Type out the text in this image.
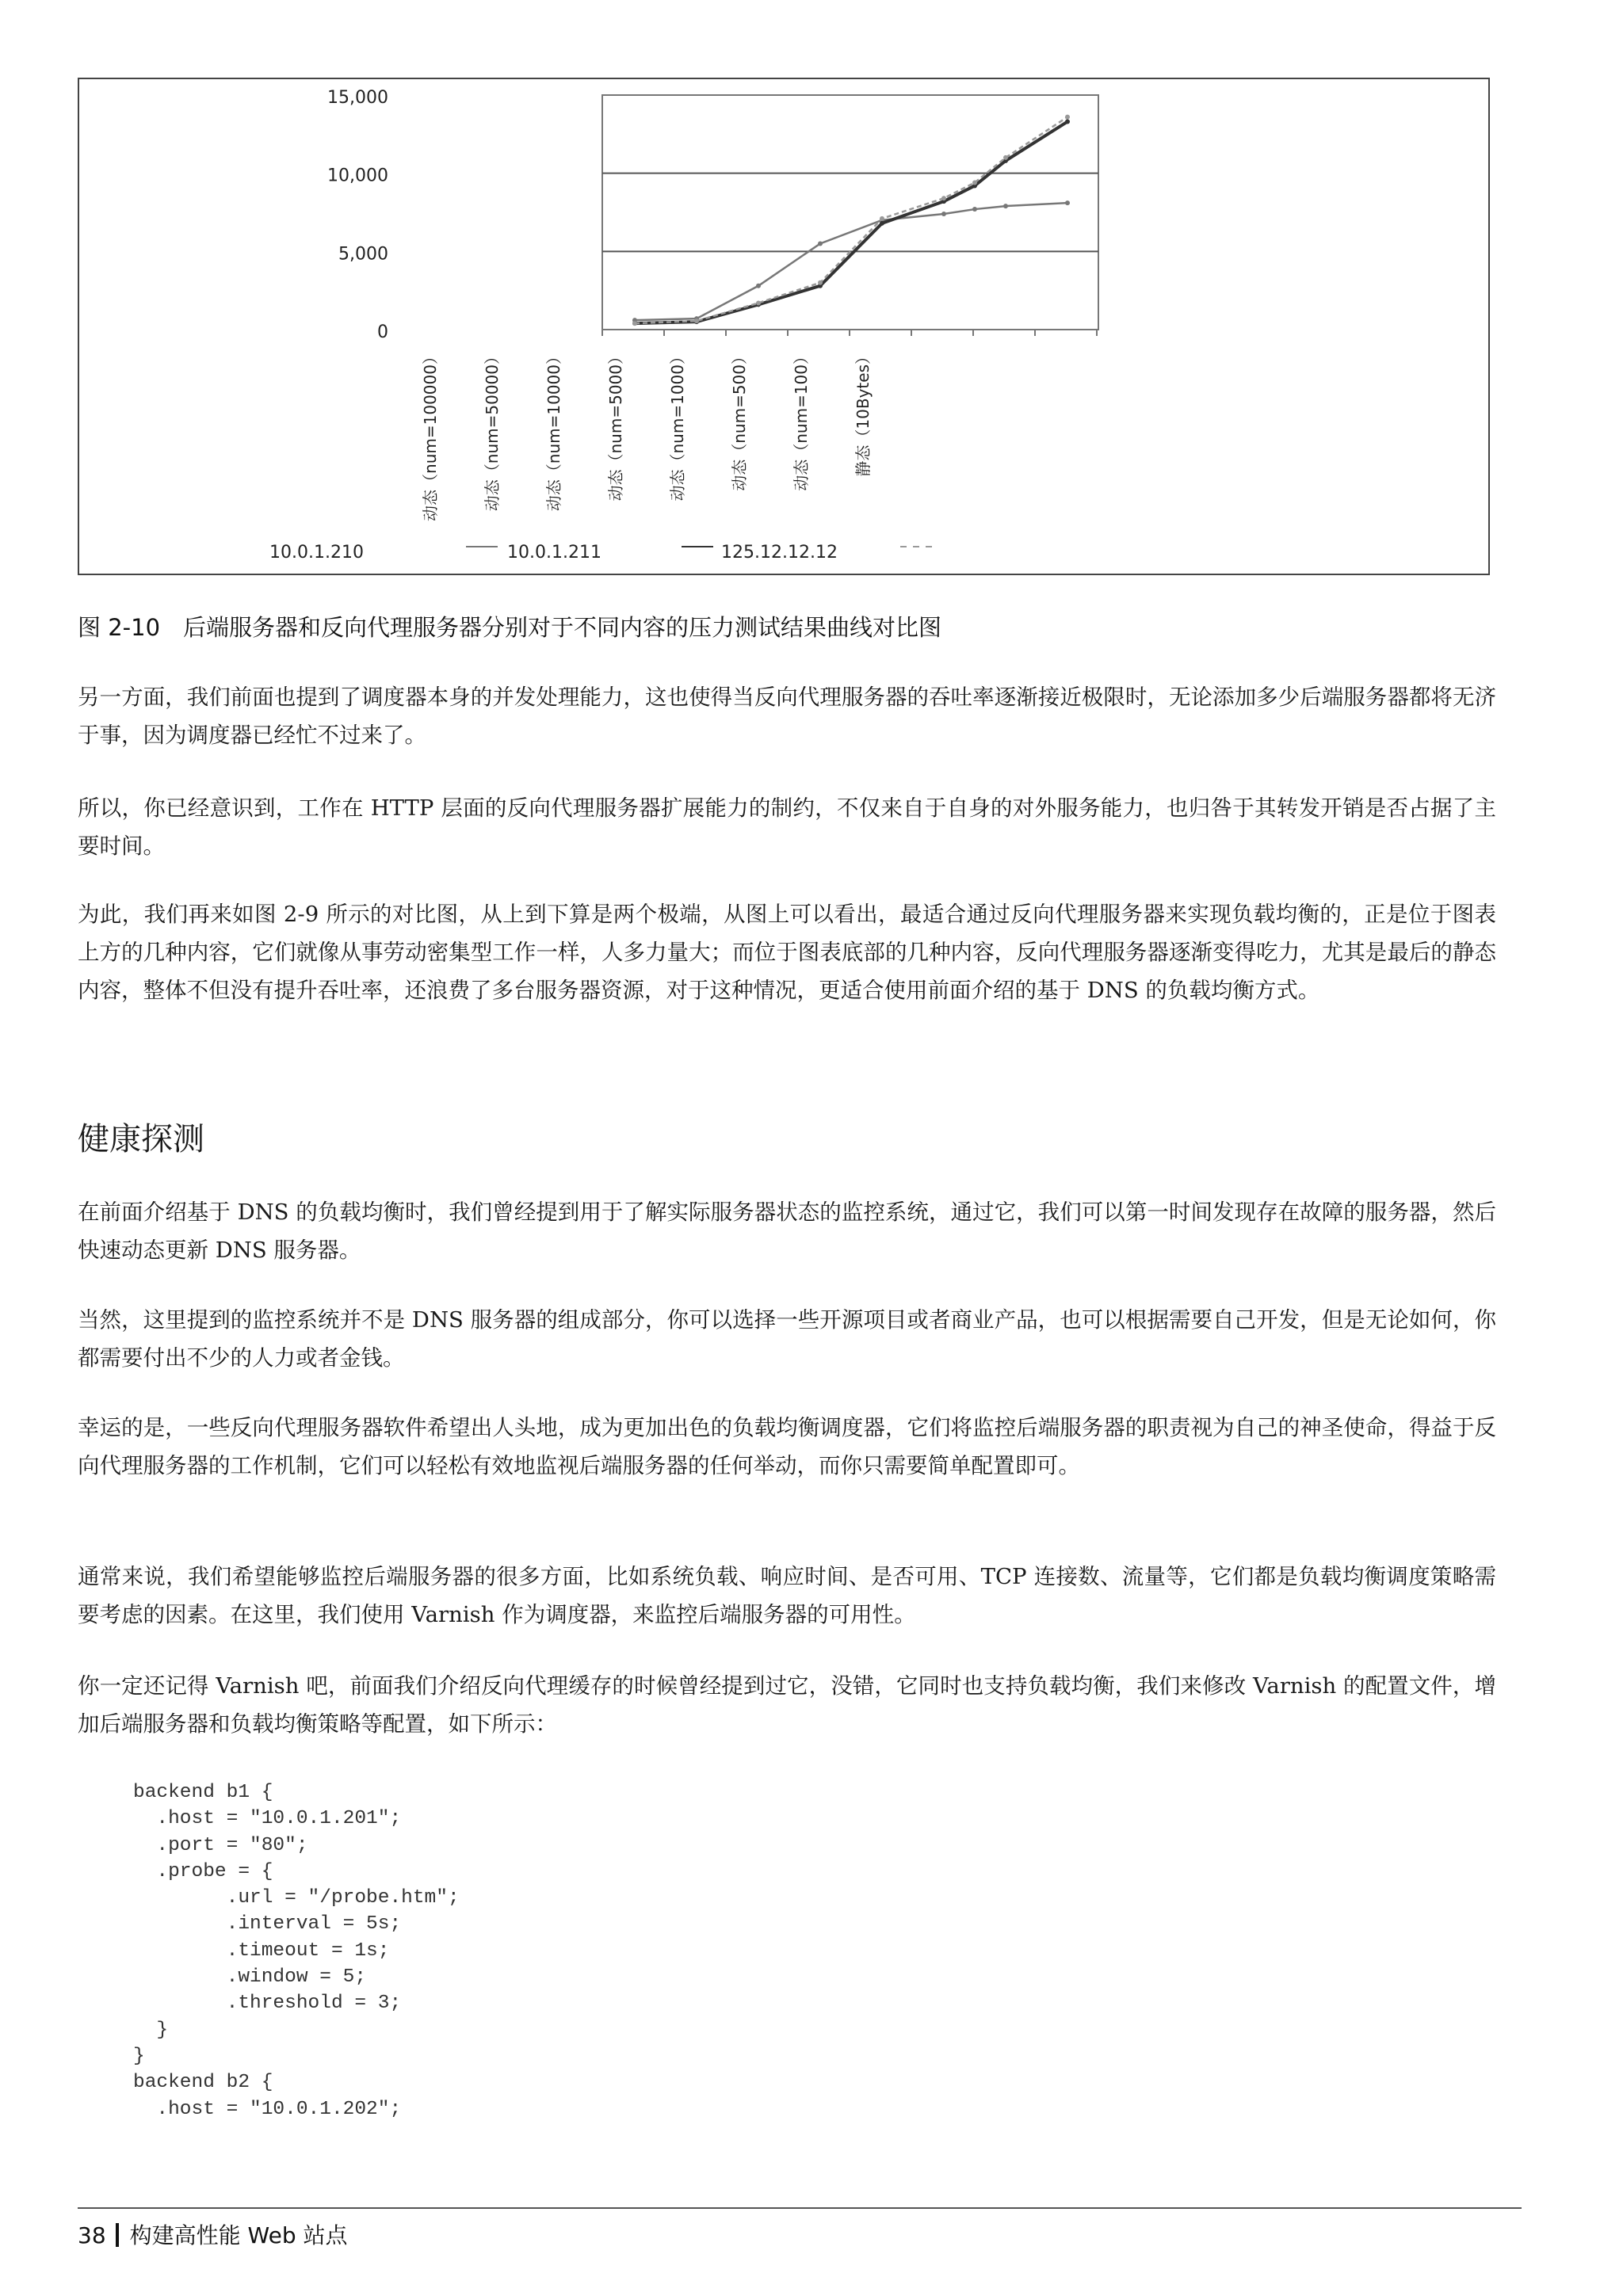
15,000
10,000
5,000
0
动态（num=100000）	动态（num=50000）	动态（num=10000）	动态（num=5000）	动态（num=1000）	动态（num=500）	动态（num=100）	静态（10Bytes）
10.0.1.210	10.0.1.211	125.12.12.12
图 2-10　后端服务器和反向代理服务器分别对于不同内容的压力测试结果曲线对比图

另一方面，我们前面也提到了调度器本身的并发处理能力，这也使得当反向代理服务器的吞吐率逐渐接近极限时，无论添加多少后端服务器都将无济于事，因为调度器已经忙不过来了。

所以，你已经意识到，工作在 HTTP 层面的反向代理服务器扩展能力的制约，不仅来自于自身的对外服务能力，也归咎于其转发开销是否占据了主要时间。

为此，我们再来如图 2-9 所示的对比图，从上到下算是两个极端，从图上可以看出，最适合通过反向代理服务器来实现负载均衡的，正是位于图表上方的几种内容，它们就像从事劳动密集型工作一样，人多力量大；而位于图表底部的几种内容，反向代理服务器逐渐变得吃力，尤其是最后的静态内容，整体不但没有提升吞吐率，还浪费了多台服务器资源，对于这种情况，更适合使用前面介绍的基于 DNS 的负载均衡方式。

健康探测

在前面介绍基于 DNS 的负载均衡时，我们曾经提到用于了解实际服务器状态的监控系统，通过它，我们可以第一时间发现存在故障的服务器，然后快速动态更新 DNS 服务器。

当然，这里提到的监控系统并不是 DNS 服务器的组成部分，你可以选择一些开源项目或者商业产品，也可以根据需要自己开发，但是无论如何，你都需要付出不少的人力或者金钱。

幸运的是，一些反向代理服务器软件希望出人头地，成为更加出色的负载均衡调度器，它们将监控后端服务器的职责视为自己的神圣使命，得益于反向代理服务器的工作机制，它们可以轻松有效地监视后端服务器的任何举动，而你只需要简单配置即可。

通常来说，我们希望能够监控后端服务器的很多方面，比如系统负载、响应时间、是否可用、TCP 连接数、流量等，它们都是负载均衡调度策略需要考虑的因素。在这里，我们使用 Varnish 作为调度器，来监控后端服务器的可用性。

你一定还记得 Varnish 吧，前面我们介绍反向代理缓存的时候曾经提到过它，没错，它同时也支持负载均衡，我们来修改 Varnish 的配置文件，增加后端服务器和负载均衡策略等配置，如下所示：

backend b1 {
.host = "10.0.1.201";
.port = "80";
.probe = {
.url = "/probe.htm";
.interval = 5s;
.timeout = 1s;
.window = 5;
.threshold = 3;
}
}
backend b2 {
.host = "10.0.1.202";
38 构建高性能 Web 站点
